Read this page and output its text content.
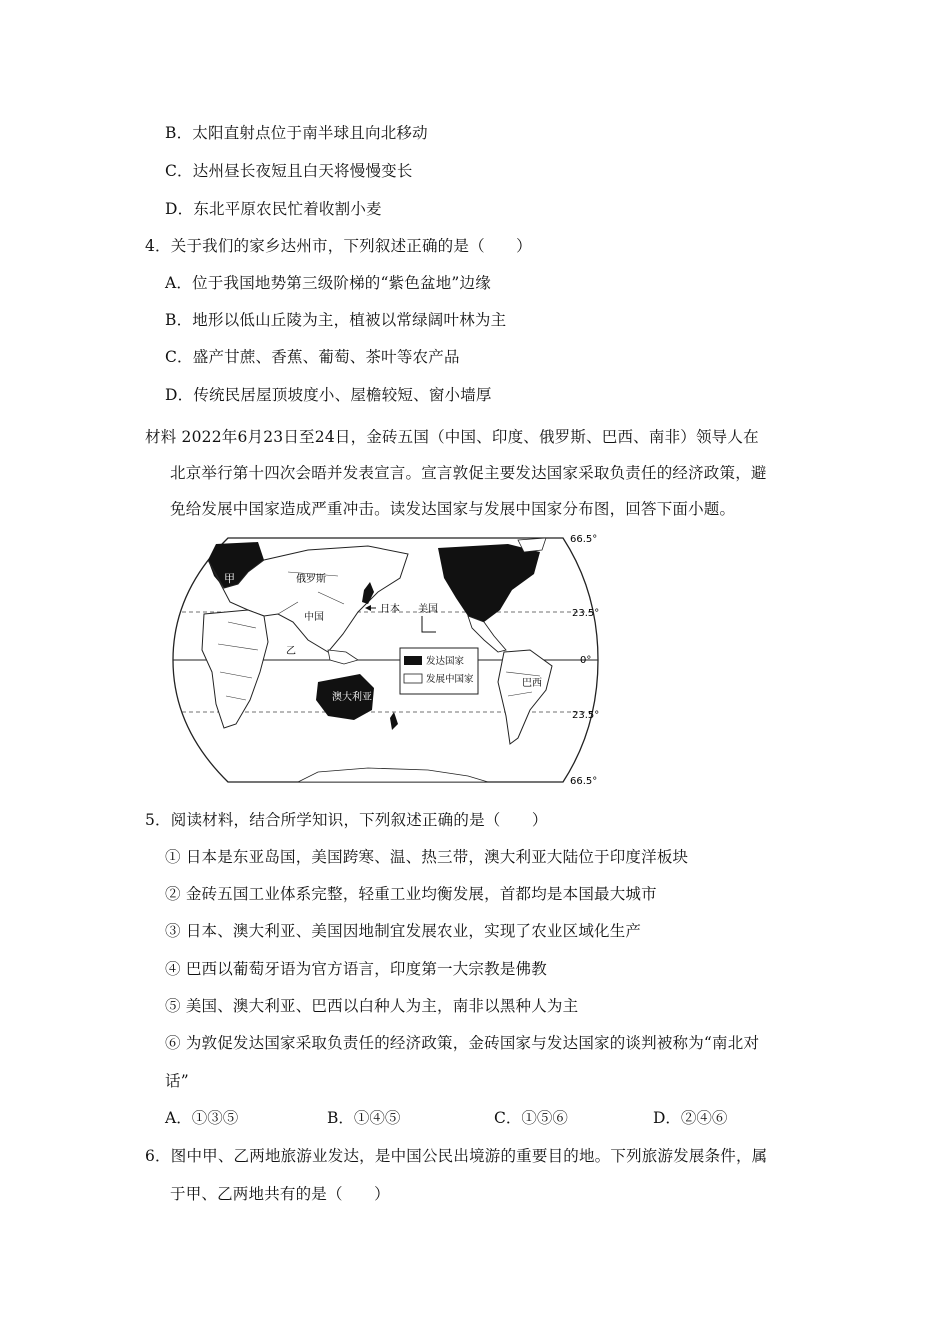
B．太阳直射点位于南半球且向北移动
C．达州昼长夜短且白天将慢慢变长
D．东北平原农民忙着收割小麦
4．关于我们的家乡达州市，下列叙述正确的是（　　）
A．位于我国地势第三级阶梯的“紫色盆地”边缘
B．地形以低山丘陵为主，植被以常绿阔叶林为主
C．盛产甘蔗、香蕉、葡萄、茶叶等农产品
D．传统民居屋顶坡度小、屋檐较短、窗小墙厚
材料 2022年6月23日至24日，金砖五国（中国、印度、俄罗斯、巴西、南非）领导人在
北京举行第十四次会晤并发表宣言。宣言敦促主要发达国家采取负责任的经济政策，避
免给发展中国家造成严重冲击。读发达国家与发展中国家分布图，回答下面小题。
俄罗斯
中国
日本 美国
巴西
澳大利亚
甲
乙
66.5°
23.5°
0°
23.5°
66.5°
发达国家
发展中国家
5．阅读材料，结合所学知识，下列叙述正确的是（　　）
① 日本是东亚岛国，美国跨寒、温、热三带，澳大利亚大陆位于印度洋板块
② 金砖五国工业体系完整，轻重工业均衡发展，首都均是本国最大城市
③ 日本、澳大利亚、美国因地制宜发展农业，实现了农业区域化生产
④ 巴西以葡萄牙语为官方语言，印度第一大宗教是佛教
⑤ 美国、澳大利亚、巴西以白种人为主，南非以黑种人为主
⑥ 为敦促发达国家采取负责任的经济政策，金砖国家与发达国家的谈判被称为“南北对
话”
A．①③⑤	B．①④⑤	C．①⑤⑥	D．②④⑥
6．图中甲、乙两地旅游业发达，是中国公民出境游的重要目的地。下列旅游发展条件，属
于甲、乙两地共有的是（　　）
